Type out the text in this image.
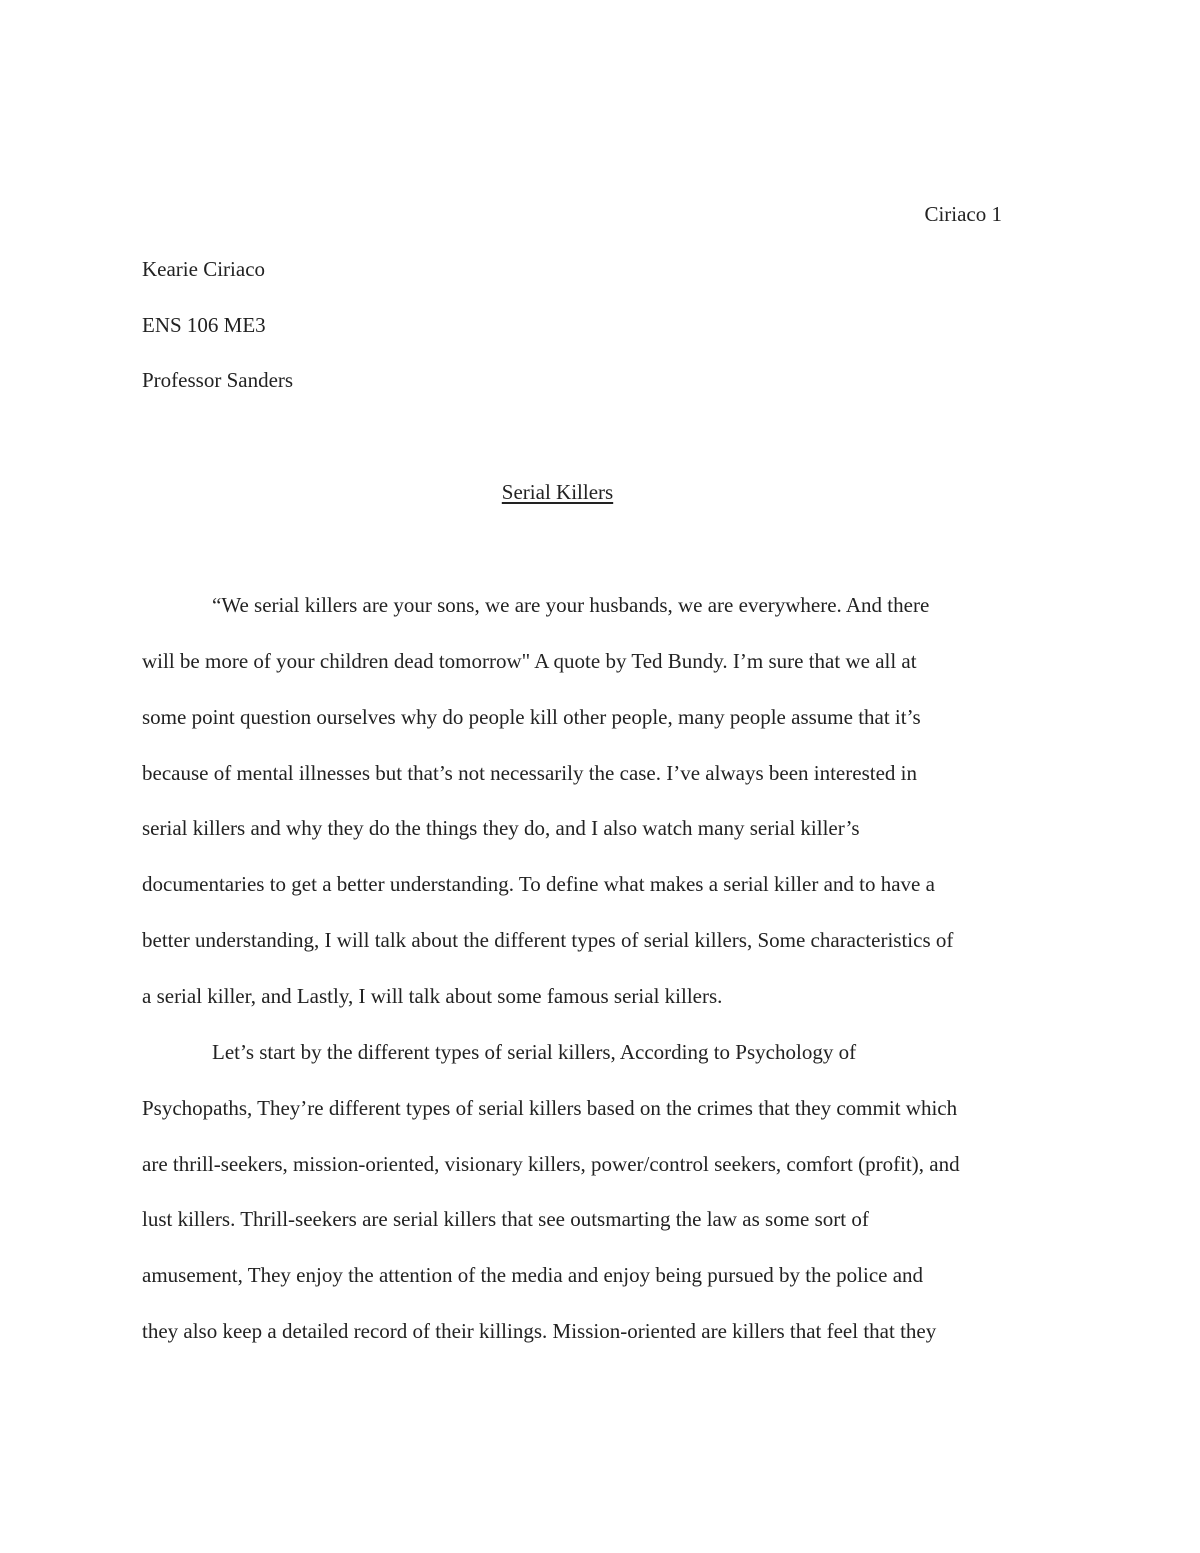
Ciriaco 1
Kearie Ciriaco
ENS 106 ME3
Professor Sanders
Serial Killers
“We serial killers are your sons, we are your husbands, we are everywhere. And there
will be more of your children dead tomorrow" A quote by Ted Bundy. I’m sure that we all at
some point question ourselves why do people kill other people, many people assume that it’s
because of mental illnesses but that’s not necessarily the case. I’ve always been interested in
serial killers and why they do the things they do, and I also watch many serial killer’s
documentaries to get a better understanding. To define what makes a serial killer and to have a
better understanding, I will talk about the different types of serial killers, Some characteristics of
a serial killer, and Lastly, I will talk about some famous serial killers.
Let’s start by the different types of serial killers, According to Psychology of
Psychopaths, They’re different types of serial killers based on the crimes that they commit which
are thrill-seekers, mission-oriented, visionary killers, power/control seekers, comfort (profit), and
lust killers. Thrill-seekers are serial killers that see outsmarting the law as some sort of
amusement, They enjoy the attention of the media and enjoy being pursued by the police and
they also keep a detailed record of their killings. Mission-oriented are killers that feel that they
